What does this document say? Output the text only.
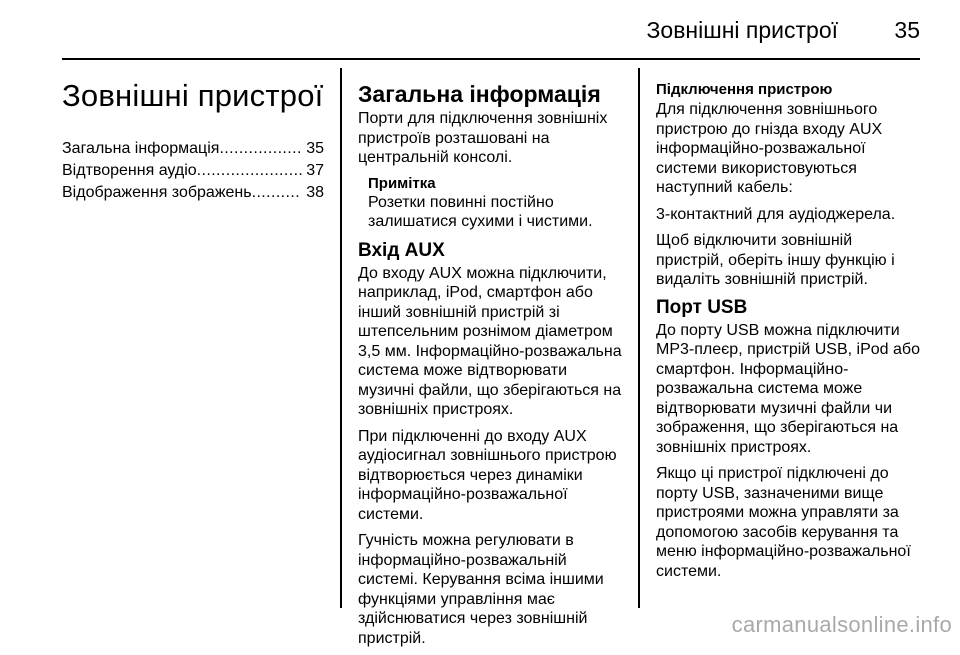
Зовнішні пристрої 35
Зовнішні пристрої
Загальна інформація ................. 35
Відтворення аудіо ...................... 37
Відображення зображень .......... 38
Загальна інформація

Порти для підключення зовнішніх пристроїв розташовані на центральній консолі.

Примітка
Розетки повинні постійно залишатися сухими і чистими.
Вхід AUX

До входу AUX можна підключити, наприклад, iPod, смартфон або інший зовнішній пристрій зі штепсельним рознімом діаметром 3,5 мм. Інформаційно-розважальна система може відтворювати музичні файли, що зберігаються на зовнішніх пристроях.

При підключенні до входу AUX аудіосигнал зовнішнього пристрою відтворюється через динаміки інформаційно-розважальної системи.

Гучність можна регулювати в інформаційно-розважальній системі. Керування всіма іншими функціями управління має здійснюватися через зовнішній пристрій.

Підключення пристрою

Для підключення зовнішнього пристрою до гнізда входу AUX інформаційно-розважальної системи використовуються наступний кабель:

3-контактний для аудіоджерела.

Щоб відключити зовнішній пристрій, оберіть іншу функцію і видаліть зовнішній пристрій.

Порт USB

До порту USB можна підключити MP3-плеєр, пристрій USB, iPod або смартфон. Інформаційно-розважальна система може відтворювати музичні файли чи зображення, що зберігаються на зовнішніх пристроях.

Якщо ці пристрої підключені до порту USB, зазначеними вище пристроями можна управляти за допомогою засобів керування та меню інформаційно-розважальної системи.

carmanualsonline.info
